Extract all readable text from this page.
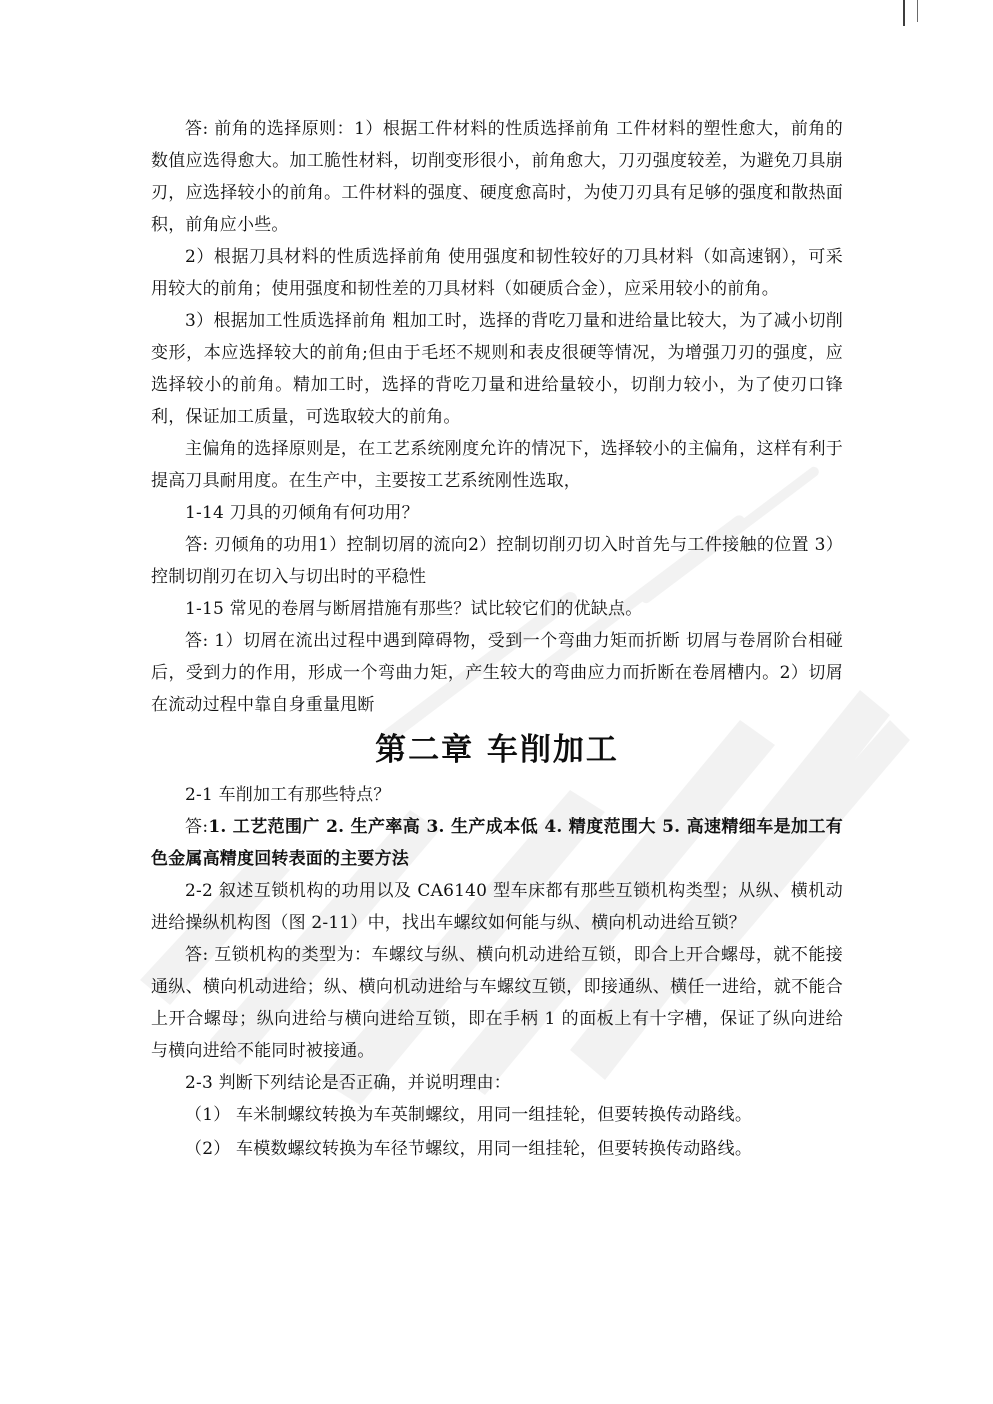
答: 前角的选择原则：1）根据工件材料的性质选择前角 工件材料的塑性愈大，前角的数值应选得愈大。加工脆性材料，切削变形很小，前角愈大，刀刃强度较差，为避免刀具崩刃，应选择较小的前角。工件材料的强度、硬度愈高时，为使刀刃具有足够的强度和散热面积，前角应小些。

2）根据刀具材料的性质选择前角 使用强度和韧性较好的刀具材料（如高速钢），可采用较大的前角；使用强度和韧性差的刀具材料（如硬质合金），应采用较小的前角。

3）根据加工性质选择前角 粗加工时，选择的背吃刀量和进给量比较大，为了减小切削变形，本应选择较大的前角;但由于毛坯不规则和表皮很硬等情况，为增强刀刃的强度，应选择较小的前角。精加工时，选择的背吃刀量和进给量较小，切削力较小，为了使刃口锋利，保证加工质量，可选取较大的前角。

主偏角的选择原则是，在工艺系统刚度允许的情况下，选择较小的主偏角，这样有利于提高刀具耐用度。在生产中，主要按工艺系统刚性选取，

1-14 刀具的刃倾角有何功用？

答: 刃倾角的功用1）控制切屑的流向2）控制切削刃切入时首先与工件接触的位置 3）控制切削刃在切入与切出时的平稳性

1-15 常见的卷屑与断屑措施有那些？试比较它们的优缺点。

答: 1）切屑在流出过程中遇到障碍物，受到一个弯曲力矩而折断 切屑与卷屑阶台相碰后，受到力的作用，形成一个弯曲力矩，产生较大的弯曲应力而折断在卷屑槽内。2）切屑在流动过程中靠自身重量甩断

第二章 车削加工

2-1 车削加工有那些特点？

答:1. 工艺范围广 2. 生产率高 3. 生产成本低 4. 精度范围大 5. 高速精细车是加工有色金属高精度回转表面的主要方法

2-2 叙述互锁机构的功用以及 CA6140 型车床都有那些互锁机构类型；从纵、横机动进给操纵机构图（图 2-11）中，找出车螺纹如何能与纵、横向机动进给互锁？

答: 互锁机构的类型为：车螺纹与纵、横向机动进给互锁，即合上开合螺母，就不能接通纵、横向机动进给；纵、横向机动进给与车螺纹互锁，即接通纵、横任一进给，就不能合上开合螺母；纵向进给与横向进给互锁，即在手柄 1 的面板上有十字槽，保证了纵向进给与横向进给不能同时被接通。

2-3 判断下列结论是否正确，并说明理由：

（1） 车米制螺纹转换为车英制螺纹，用同一组挂轮，但要转换传动路线。

（2） 车模数螺纹转换为车径节螺纹，用同一组挂轮，但要转换传动路线。
